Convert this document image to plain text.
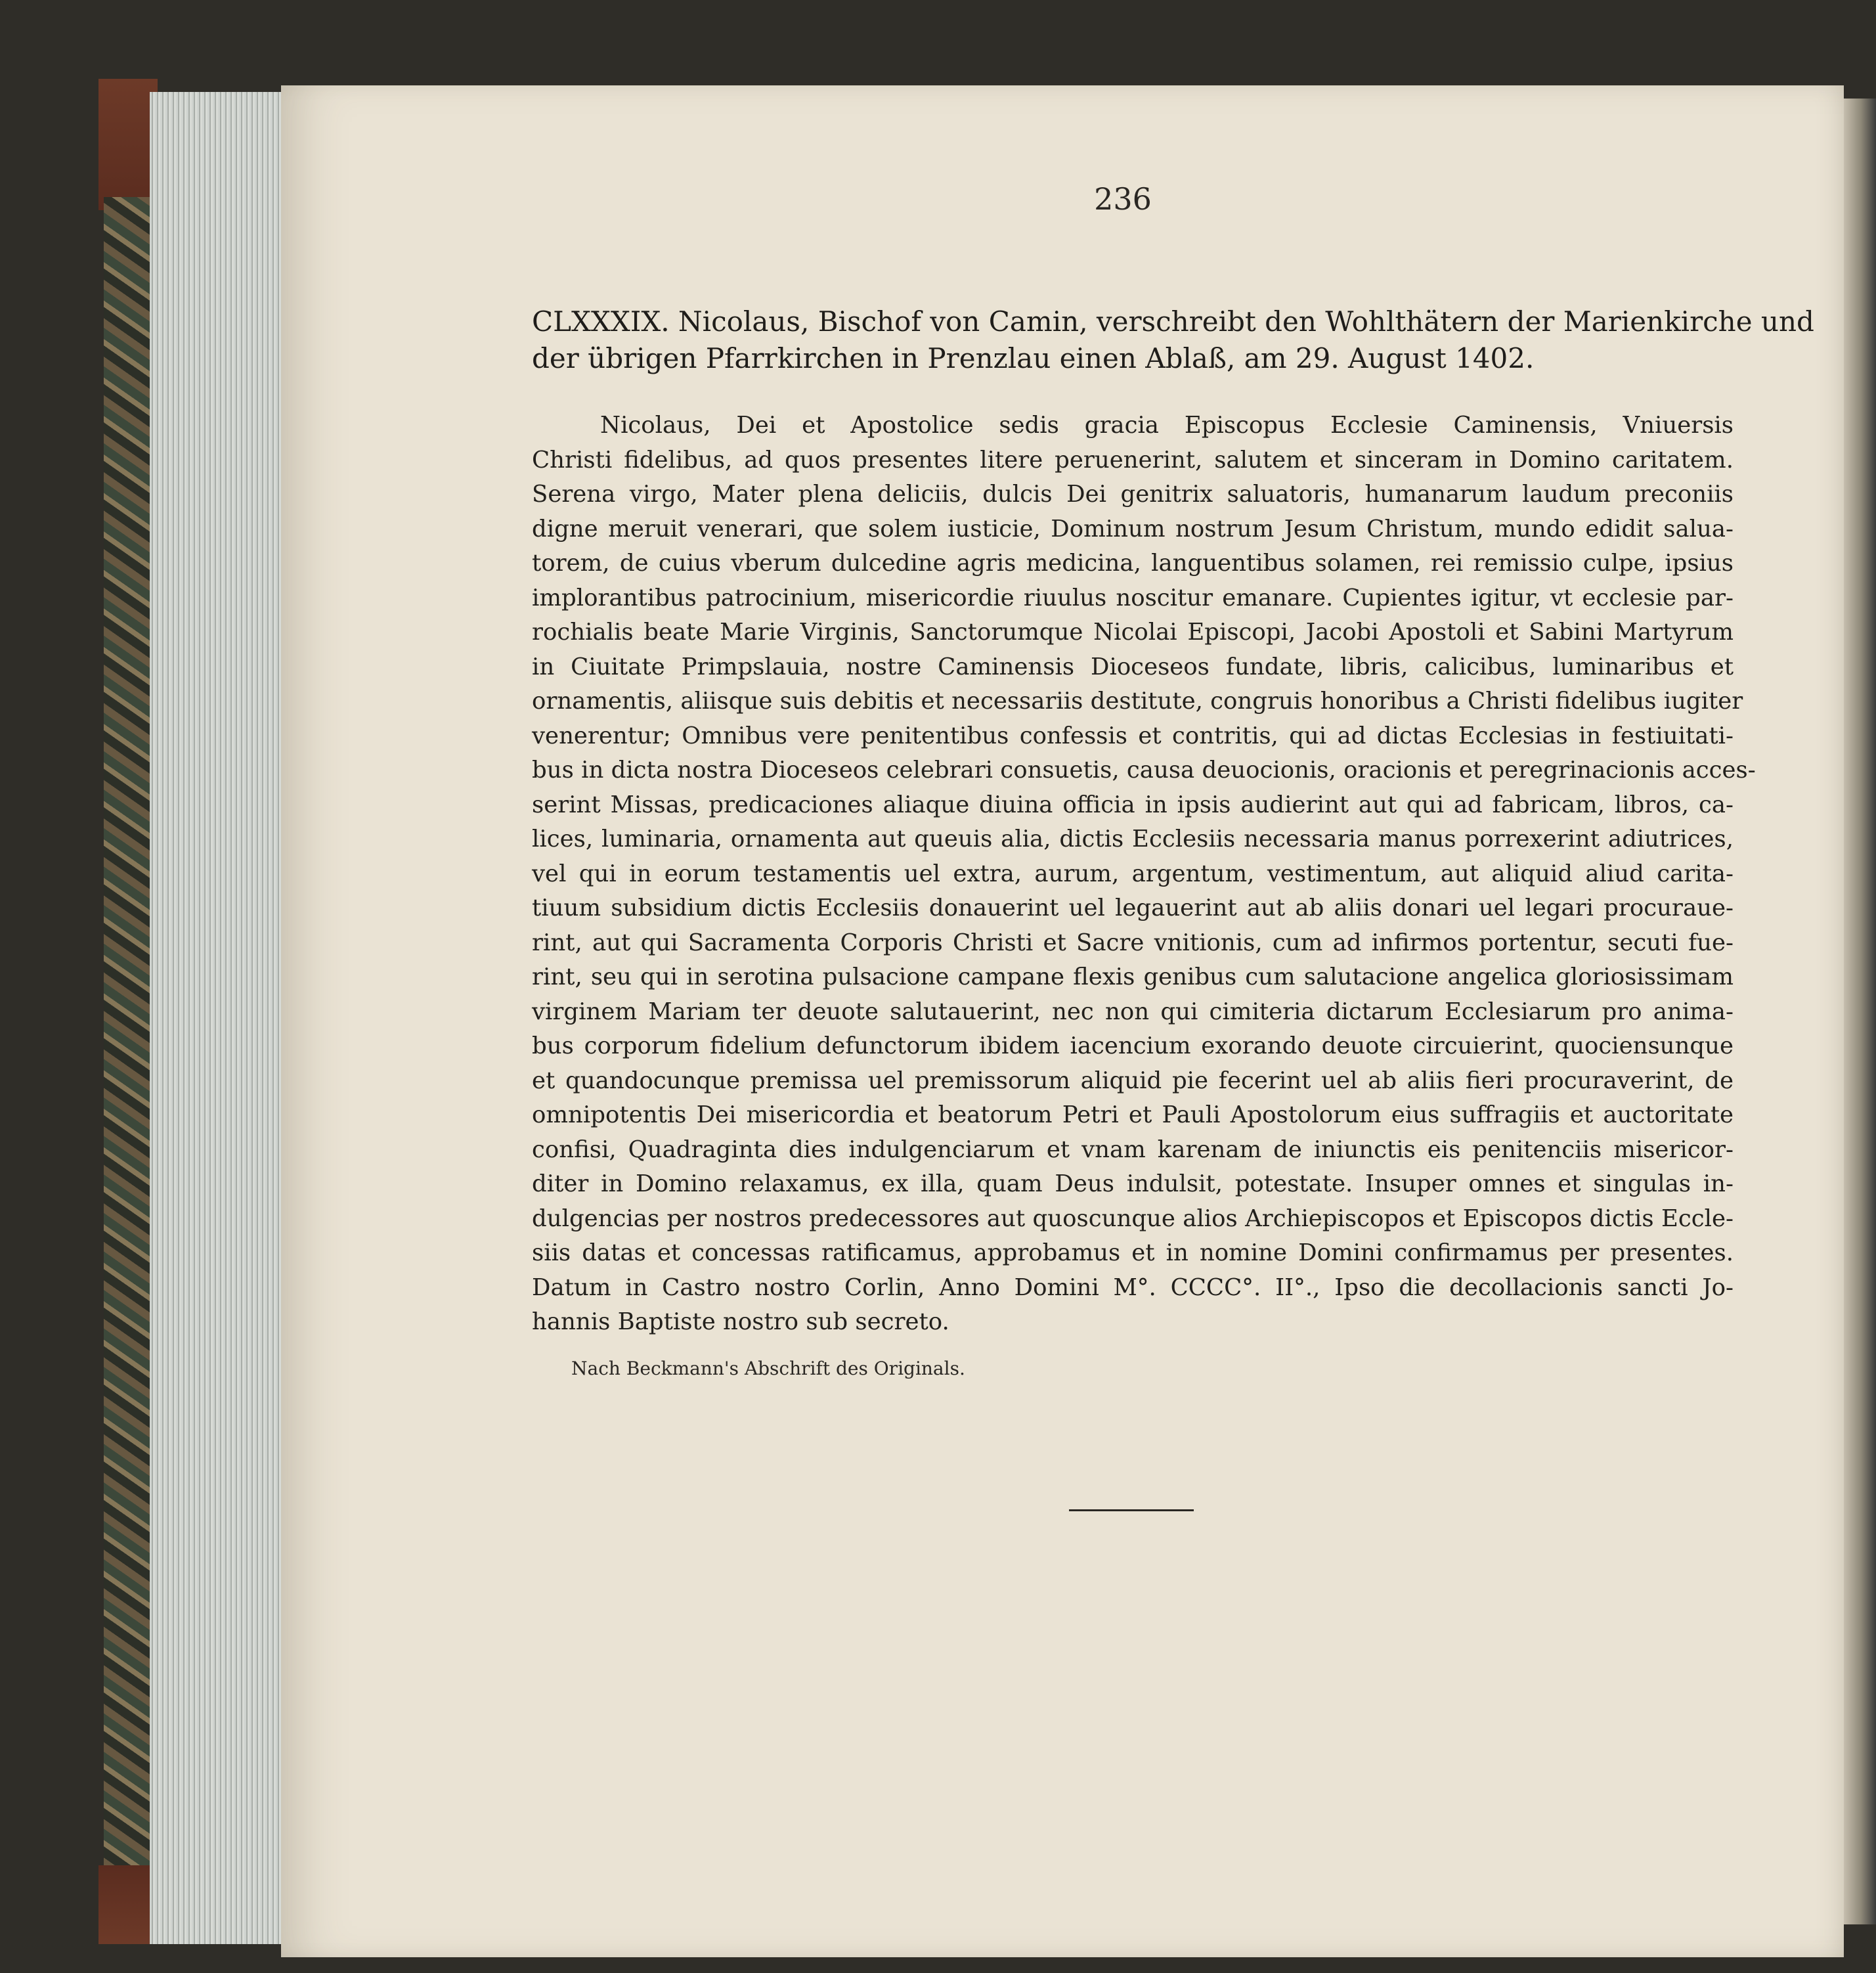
236
CLXXXIX. Nicolaus, Bischof von Camin, verschreibt den Wohlthätern der Marienkirche und
der übrigen Pfarrkirchen in Prenzlau einen Ablaß, am 29. August 1402.
Nicolaus, Dei et Apostolice sedis gracia Episcopus Ecclesie Caminensis, Vniuersis
Christi fidelibus, ad quos presentes litere peruenerint, salutem et sinceram in Domino caritatem.
Serena virgo, Mater plena deliciis, dulcis Dei genitrix saluatoris, humanarum laudum preconiis
digne meruit venerari, que solem iusticie, Dominum nostrum Jesum Christum, mundo edidit salua-
torem, de cuius vberum dulcedine agris medicina, languentibus solamen, rei remissio culpe, ipsius
implorantibus patrocinium, misericordie riuulus noscitur emanare. Cupientes igitur, vt ecclesie par-
rochialis beate Marie Virginis, Sanctorumque Nicolai Episcopi, Jacobi Apostoli et Sabini Martyrum
in Ciuitate Primpslauia, nostre Caminensis Dioceseos fundate, libris, calicibus, luminaribus et
ornamentis, aliisque suis debitis et necessariis destitute, congruis honoribus a Christi fidelibus iugiter
venerentur; Omnibus vere penitentibus confessis et contritis, qui ad dictas Ecclesias in festiuitati-
bus in dicta nostra Dioceseos celebrari consuetis, causa deuocionis, oracionis et peregrinacionis acces-
serint Missas, predicaciones aliaque diuina officia in ipsis audierint aut qui ad fabricam, libros, ca-
lices, luminaria, ornamenta aut queuis alia, dictis Ecclesiis necessaria manus porrexerint adiutrices,
vel qui in eorum testamentis uel extra, aurum, argentum, vestimentum, aut aliquid aliud carita-
tiuum subsidium dictis Ecclesiis donauerint uel legauerint aut ab aliis donari uel legari procuraue-
rint, aut qui Sacramenta Corporis Christi et Sacre vnitionis, cum ad infirmos portentur, secuti fue-
rint, seu qui in serotina pulsacione campane flexis genibus cum salutacione angelica gloriosissimam
virginem Mariam ter deuote salutauerint, nec non qui cimiteria dictarum Ecclesiarum pro anima-
bus corporum fidelium defunctorum ibidem iacencium exorando deuote circuierint, quociensunque
et quandocunque premissa uel premissorum aliquid pie fecerint uel ab aliis fieri procuraverint, de
omnipotentis Dei misericordia et beatorum Petri et Pauli Apostolorum eius suffragiis et auctoritate
confisi, Quadraginta dies indulgenciarum et vnam karenam de iniunctis eis penitenciis misericor-
diter in Domino relaxamus, ex illa, quam Deus indulsit, potestate. Insuper omnes et singulas in-
dulgencias per nostros predecessores aut quoscunque alios Archiepiscopos et Episcopos dictis Eccle-
siis datas et concessas ratificamus, approbamus et in nomine Domini confirmamus per presentes.
Datum in Castro nostro Corlin, Anno Domini M°. CCCC°. II°., Ipso die decollacionis sancti Jo-
hannis Baptiste nostro sub secreto.
Nach Beckmann's Abschrift des Originals.
